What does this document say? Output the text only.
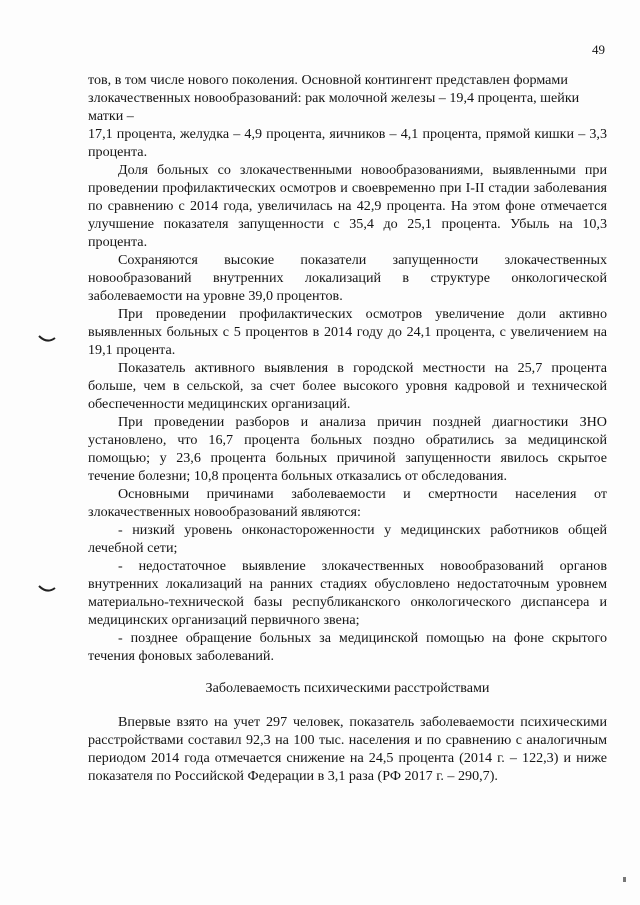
49

тов, в том числе нового поколения. Основной контингент представлен формами злокачественных новообразований: рак молочной железы – 19,4 процента, шейки матки –

17,1 процента, желудка – 4,9 процента, яичников – 4,1 процента, прямой кишки – 3,3 процента.

Доля больных со злокачественными новообразованиями, выявленными при проведении профилактических осмотров и своевременно при I-II стадии заболевания по сравнению с 2014 года, увеличилась на 42,9 процента. На этом фоне отмечается улучшение показателя запущенности с 35,4 до 25,1 процента. Убыль на 10,3 процента.

Сохраняются высокие показатели запущенности злокачественных новообразований внутренних локализаций в структуре онкологической заболеваемости на уровне 39,0 процентов.

При проведении профилактических осмотров увеличение доли активно выявленных больных с 5 процентов в 2014 году до 24,1 процента, с увеличением на 19,1 процента.

Показатель активного выявления в городской местности на 25,7 процента больше, чем в сельской, за счет более высокого уровня кадровой и технической обеспеченности медицинских организаций.

При проведении разборов и анализа причин поздней диагностики ЗНО установлено, что 16,7 процента больных поздно обратились за медицинской помощью; у 23,6 процента больных причиной запущенности явилось скрытое течение болезни; 10,8 процента больных отказались от обследования.

Основными причинами заболеваемости и смертности населения от злокачественных новообразований являются:

- низкий уровень онконастороженности у медицинских работников общей лечебной сети;

- недостаточное выявление злокачественных новообразований органов внутренних локализаций на ранних стадиях обусловлено недостаточным уровнем материально-технической базы республиканского онкологического диспансера и медицинских организаций первичного звена;

- позднее обращение больных за медицинской помощью на фоне скрытого течения фоновых заболеваний.

Заболеваемость психическими расстройствами

Впервые взято на учет 297 человек, показатель заболеваемости психическими расстройствами составил 92,3 на 100 тыс. населения и по сравнению с аналогичным периодом 2014 года отмечается снижение на 24,5 процента (2014 г. – 122,3) и ниже показателя по Российской Федерации в 3,1 раза (РФ 2017 г. – 290,7).
